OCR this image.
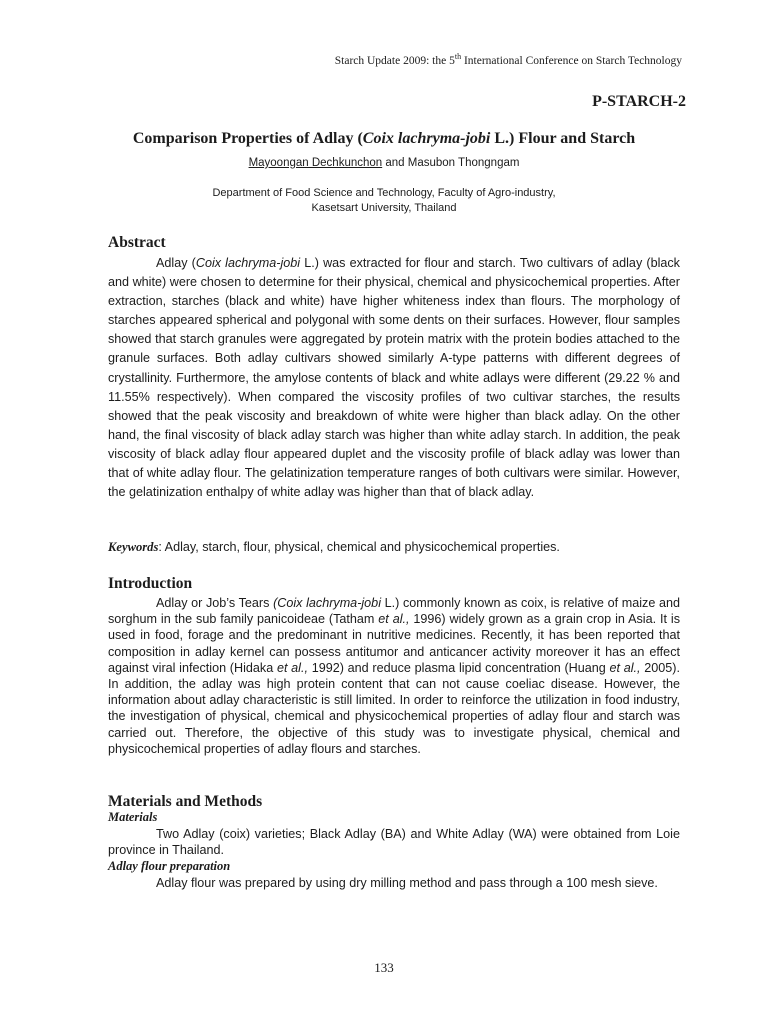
Starch Update 2009: the 5th International Conference on Starch Technology
P-STARCH-2
Comparison Properties of Adlay (Coix lachryma-jobi L.) Flour and Starch
Mayoongan Dechkunchon and Masubon Thongngam
Department of Food Science and Technology, Faculty of Agro-industry,
Kasetsart University, Thailand
Abstract
Adlay (Coix lachryma-jobi L.) was extracted for flour and starch. Two cultivars of adlay (black and white) were chosen to determine for their physical, chemical and physicochemical properties. After extraction, starches (black and white) have higher whiteness index than flours. The morphology of starches appeared spherical and polygonal with some dents on their surfaces. However, flour samples showed that starch granules were aggregated by protein matrix with the protein bodies attached to the granule surfaces. Both adlay cultivars showed similarly A-type patterns with different degrees of crystallinity. Furthermore, the amylose contents of black and white adlays were different (29.22 % and 11.55% respectively). When compared the viscosity profiles of two cultivar starches, the results showed that the peak viscosity and breakdown of white were higher than black adlay. On the other hand, the final viscosity of black adlay starch was higher than white adlay starch. In addition, the peak viscosity of black adlay flour appeared duplet and the viscosity profile of black adlay was lower than that of white adlay flour. The gelatinization temperature ranges of both cultivars were similar. However, the gelatinization enthalpy of white adlay was higher than that of black adlay.
Keywords: Adlay, starch, flour, physical, chemical and physicochemical properties.
Introduction
Adlay or Job’s Tears (Coix lachryma-jobi L.) commonly known as coix, is relative of maize and sorghum in the sub family panicoideae (Tatham et al., 1996) widely grown as a grain crop in Asia. It is used in food, forage and the predominant in nutritive medicines. Recently, it has been reported that composition in adlay kernel can possess antitumor and anticancer activity moreover it has an effect against viral infection (Hidaka et al., 1992) and reduce plasma lipid concentration (Huang et al., 2005). In addition, the adlay was high protein content that can not cause coeliac disease. However, the information about adlay characteristic is still limited. In order to reinforce the utilization in food industry, the investigation of physical, chemical and physicochemical properties of adlay flour and starch was carried out. Therefore, the objective of this study was to investigate physical, chemical and physicochemical properties of adlay flours and starches.
Materials and Methods
Materials
Two Adlay (coix) varieties; Black Adlay (BA) and White Adlay (WA) were obtained from Loie province in Thailand.
Adlay flour preparation
Adlay flour was prepared by using dry milling method and pass through a 100 mesh sieve.
133
